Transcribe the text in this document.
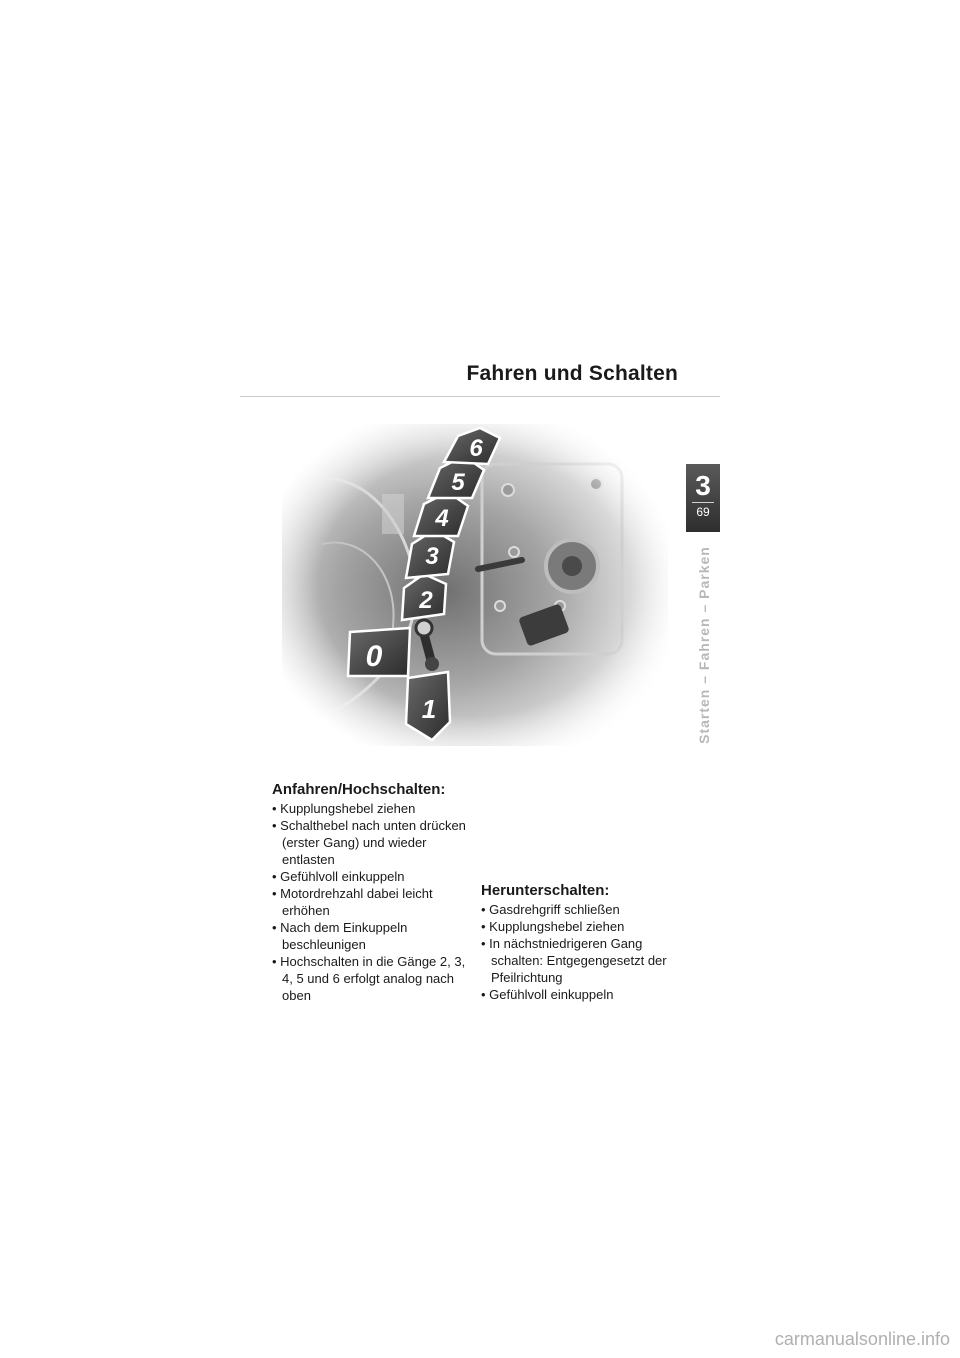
Fahren und Schalten
3
69
Starten – Fahren – Parken
0
1
2
3
4
5
6
Anfahren/Hochschalten:
• Kupplungshebel ziehen
• Schalthebel nach unten drücken (erster Gang) und wieder entlasten
• Gefühlvoll einkuppeln
• Motordrehzahl dabei leicht erhöhen
• Nach dem Einkuppeln beschleunigen
• Hochschalten in die Gänge 2, 3, 4, 5 und 6 erfolgt analog nach oben
Herunterschalten:
• Gasdrehgriff schließen
• Kupplungshebel ziehen
• In nächstniedrigeren Gang schalten: Entgegengesetzt der Pfeilrichtung
• Gefühlvoll einkuppeln
carmanualsonline.info
